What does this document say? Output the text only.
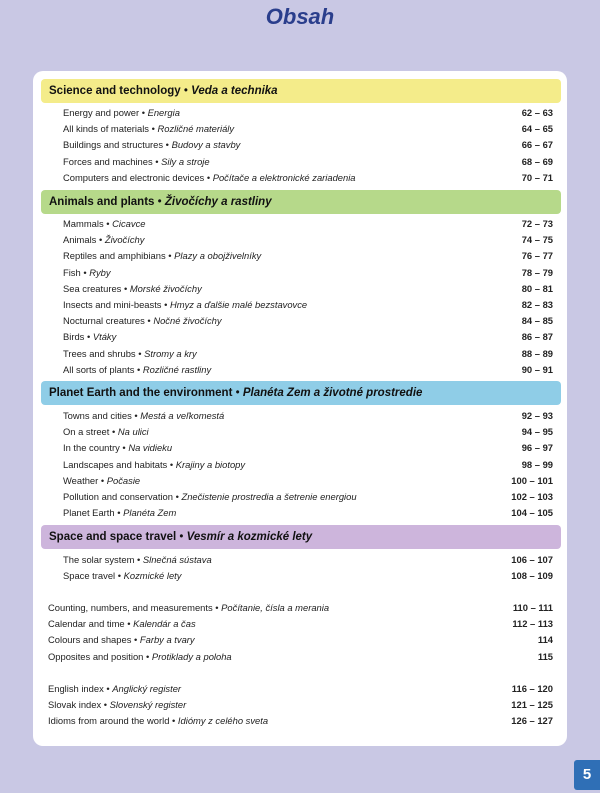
Obsah
Science and technology • Veda a technika
Energy and power • Energia	62 – 63
All kinds of materials • Rozličné materiály	64 – 65
Buildings and structures • Budovy a stavby	66 – 67
Forces and machines • Sily a stroje	68 – 69
Computers and electronic devices • Počítače a elektronické zariadenia	70 – 71
Animals and plants • Živočíchy a rastliny
Mammals • Cicavce	72 – 73
Animals • Živočíchy	74 – 75
Reptiles and amphibians • Plazy a obojživelníky	76 – 77
Fish • Ryby	78 – 79
Sea creatures • Morské živočíchy	80 – 81
Insects and mini-beasts • Hmyz a ďalšie malé bezstavovce	82 – 83
Nocturnal creatures • Nočné živočíchy	84 – 85
Birds • Vtáky	86 – 87
Trees and shrubs • Stromy a kry	88 – 89
All sorts of plants • Rozličné rastliny	90 – 91
Planet Earth and the environment • Planéta Zem a životné prostredie
Towns and cities • Mestá a veľkomestá	92 – 93
On a street • Na ulici	94 – 95
In the country • Na vidieku	96 – 97
Landscapes and habitats • Krajiny a biotopy	98 – 99
Weather • Počasie	100 – 101
Pollution and conservation • Znečistenie prostredia a šetrenie energiou	102 – 103
Planet Earth • Planéta Zem	104 – 105
Space and space travel • Vesmír a kozmické lety
The solar system • Slnečná sústava	106 – 107
Space travel • Kozmické lety	108 – 109
Counting, numbers, and measurements • Počítanie, čísla a merania	110 – 111
Calendar and time • Kalendár a čas	112 – 113
Colours and shapes • Farby a tvary	114
Opposites and position • Protiklady a poloha	115
English index • Anglický register	116 – 120
Slovak index • Slovenský register	121 – 125
Idioms from around the world • Idiómy z celého sveta	126 – 127
5
